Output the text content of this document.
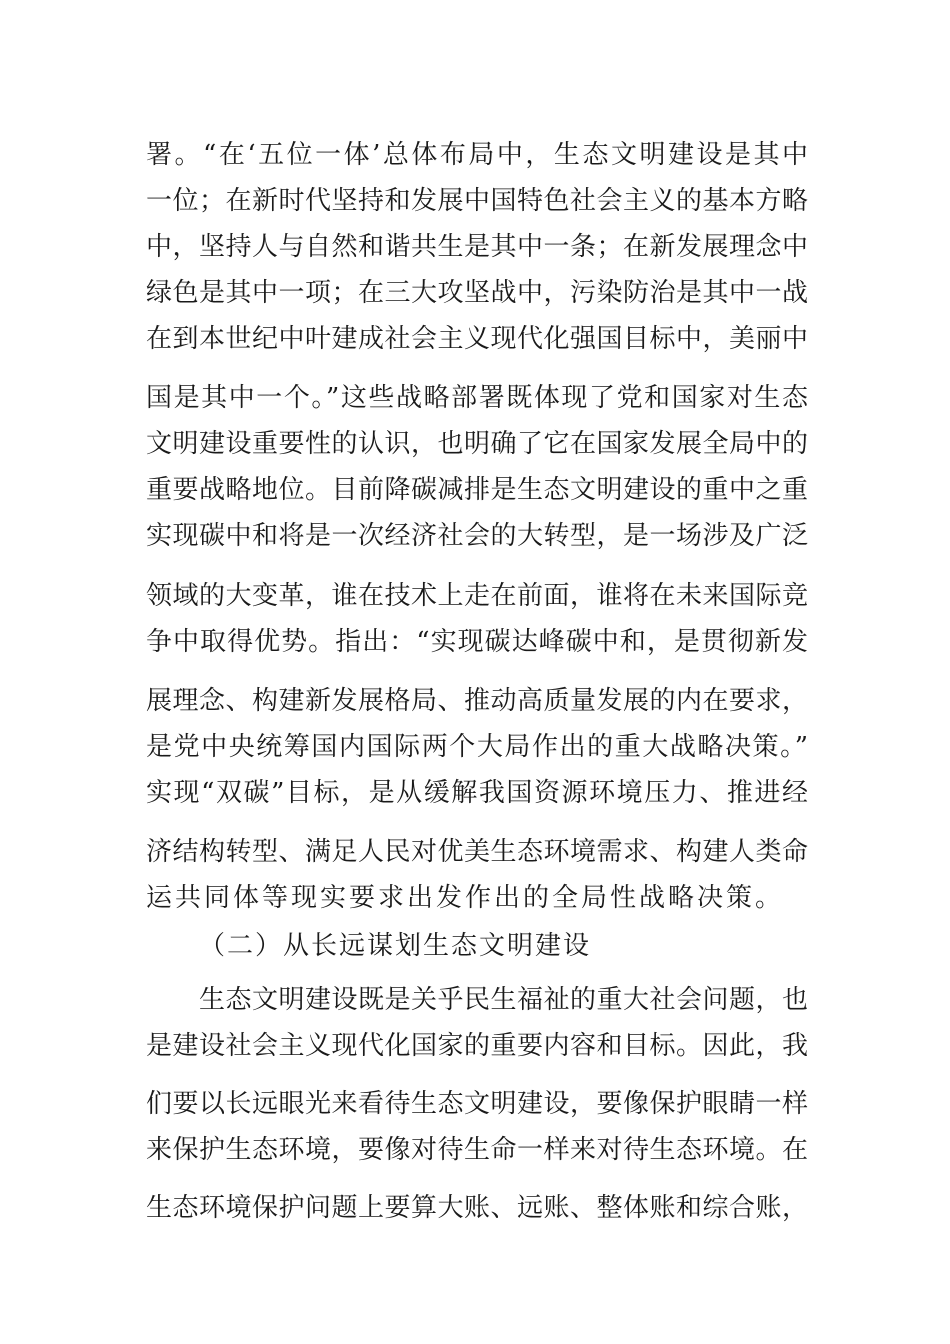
署。“在‘五位一体’总体布局中，生态文明建设是其中
一位；在新时代坚持和发展中国特色社会主义的基本方略
中，坚持人与自然和谐共生是其中一条；在新发展理念中
绿色是其中一项；在三大攻坚战中，污染防治是其中一战
在到本世纪中叶建成社会主义现代化强国目标中，美丽中
国是其中一个。”这些战略部署既体现了党和国家对生态
文明建设重要性的认识，也明确了它在国家发展全局中的
重要战略地位。目前降碳减排是生态文明建设的重中之重
实现碳中和将是一次经济社会的大转型，是一场涉及广泛
领域的大变革，谁在技术上走在前面，谁将在未来国际竞
争中取得优势。指出：“实现碳达峰碳中和，是贯彻新发
展理念、构建新发展格局、推动高质量发展的内在要求，
是党中央统筹国内国际两个大局作出的重大战略决策。”
实现“双碳”目标，是从缓解我国资源环境压力、推进经
济结构转型、满足人民对优美生态环境需求、构建人类命
运共同体等现实要求出发作出的全局性战略决策。
（二）从长远谋划生态文明建设
生态文明建设既是关乎民生福祉的重大社会问题，也
是建设社会主义现代化国家的重要内容和目标。因此，我
们要以长远眼光来看待生态文明建设，要像保护眼睛一样
来保护生态环境，要像对待生命一样来对待生态环境。在
生态环境保护问题上要算大账、远账、整体账和综合账，
